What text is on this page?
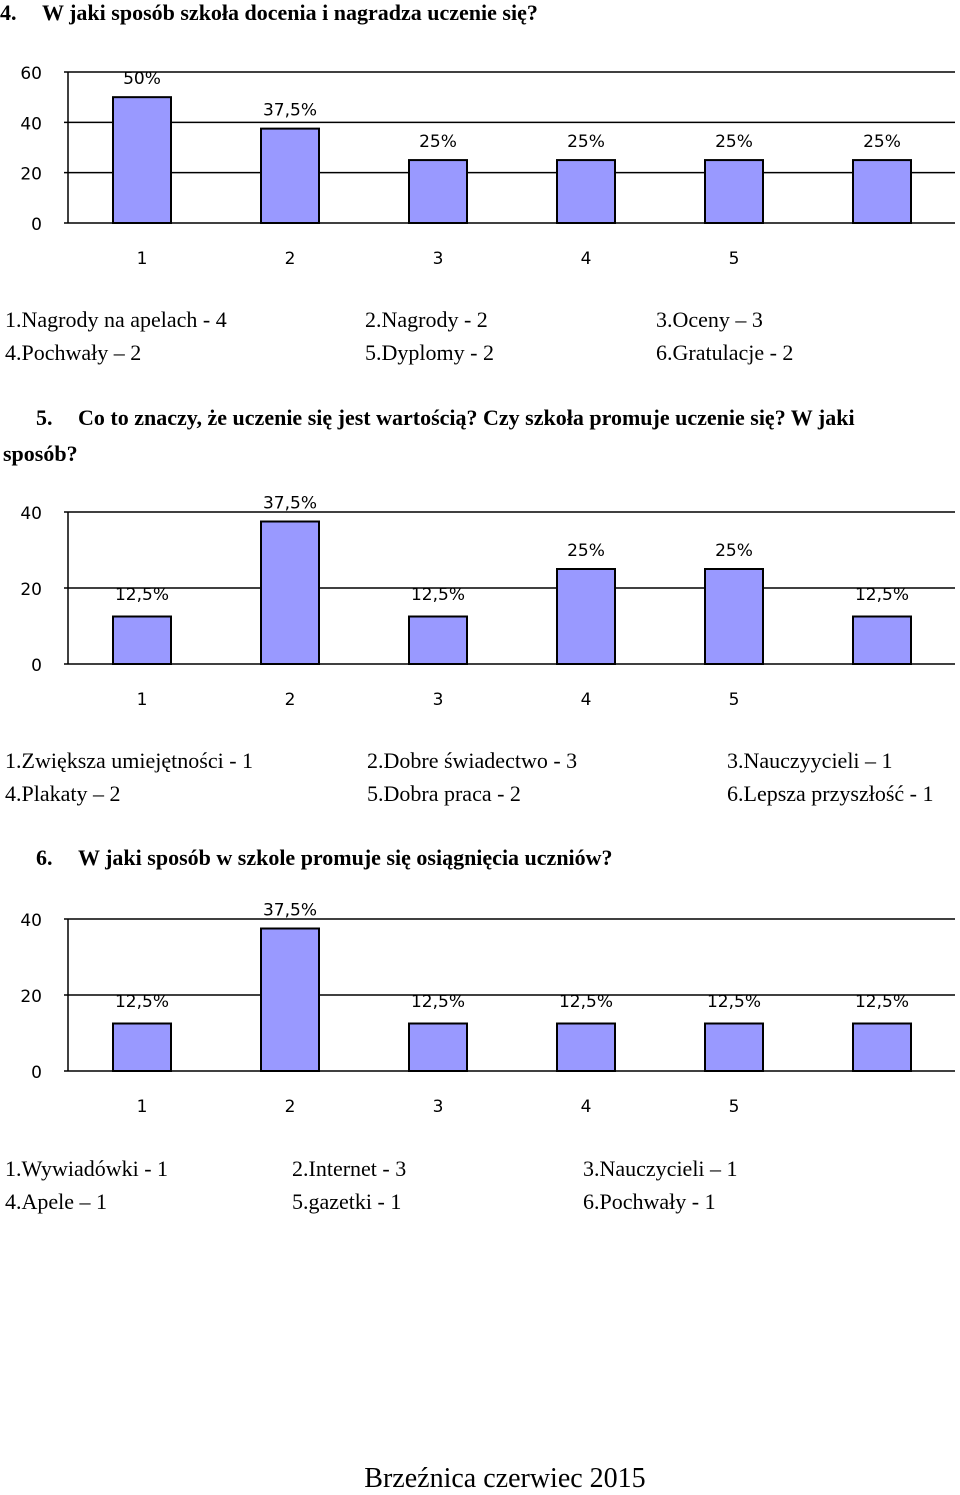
4. W jaki sposób szkoła docenia i nagradza uczenie się?
0
20
40
60	50%
1
37,5%
2
25%
3
25%
4
25%
5
25%
1.Nagrody na apelach - 4	2.Nagrody - 2	3.Oceny – 3
4.Pochwały – 2	5.Dyplomy - 2	6.Gratulacje - 2
5. Co to znaczy, że uczenie się jest wartością? Czy szkoła promuje uczenie się? W jaki
sposób?
0
20
40
12,5%
1
37,5%
2
12,5%
3
25%
4
25%
5
12,5%
1.Zwiększa umiejętności - 1	2.Dobre świadectwo - 3	3.Nauczyycieli – 1
4.Plakaty – 2	5.Dobra praca - 2	6.Lepsza przyszłość - 1
6. W jaki sposób w szkole promuje się osiągnięcia uczniów?
0
20
40
12,5%
1
37,5%
2
12,5%
3
12,5%
4
12,5%
5
12,5%
1.Wywiadówki - 1	2.Internet - 3	3.Nauczycieli – 1
4.Apele – 1	5.gazetki - 1	6.Pochwały - 1
Brzeźnica czerwiec 2015
